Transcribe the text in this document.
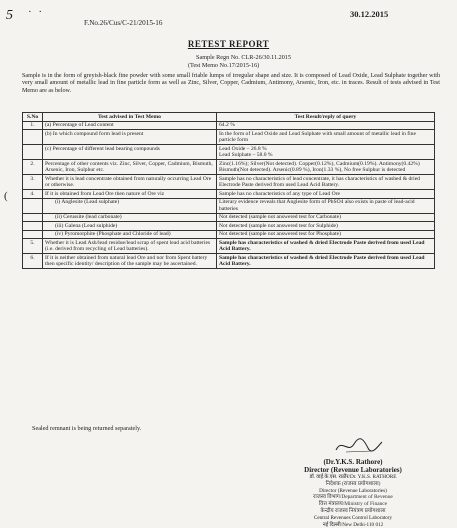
5 · ·
(
30.12.2015
F.No.26/Cus/C-21/2015-16
RETEST REPORT
Sample Regn No. CLR-26/30.11.2015
(Test Memo No.17/2015-16)
Sample is in the form of greyish-black fine powder with some small friable lumps of irregular shape and size. It is composed of Lead Oxide, Lead Sulphate together with very small amount of metallic lead in fine particle form as well as Zinc, Silver, Copper, Cadmium, Antimony, Arsenic, Iron, etc. in traces. Result of tests advised in Test Memo are as below.
S.No	Test advised in Test Memo	Test Result/reply of query
1.	(a) Percentage of Lead content	64.2 %
	(b) In which compound form lead is present	In the form of Lead Oxide and Lead Sulphate with small amount of metallic lead in fine particle form
	(c) Percentage of different lead bearing compounds	Lead Oxide – 26.8 %
Lead Sulphate – 58.0 %
2.	Percentage of other contents viz. Zinc, Silver, Copper, Cadmium, Bismuth, Arsenic, Iron, Sulphur etc.	Zinc(1.16%); Silver(Not detected). Copper(0.12%), Cadmium(0.19%). Antimony(0.42%) Bismuth(Not detected). Arsenic(0.89 %), Iron(1.33 %), No free Sulphur is detected
3.	Whether it is lead concentrate obtained from naturally occurring Lead Ore or otherwise.	Sample has no characteristics of lead concentrate, it has characteristics of washed & dried Electrode Paste derived from used Lead Acid Battery.
4.	If it is obtained from Lead Ore then nature of Ore viz	Sample has no characteristics of any type of Lead Ore
	(i) Anglesite (Lead sulphate)	Literary evidence reveals that Anglesite form of PbSO4 also exists in paste of lead-acid batteries
	(ii) Cerussite (lead carbonate)	Not detected (sample not answered test for Carbonate)
	(iii) Galena (Lead sulphide)	Not detected (sample not answered test for Sulphide)
	(iv) Pyromorphite (Phosphate and Chloride of lead)	Not detected (sample not answered test for Phosphate)
5.	Whether it is Lead Ash/lead residue/lead scrap of spent lead acid batteries (i.e. derived from recycling of Lead batteries).	Sample has characteristics of washed & dried Electrode Paste derived from used Lead Acid Battery.
6.	If it is neither obtained from natural lead Ore and nor from Spent battery then specific identity/ description of the sample may be ascertained.	Sample has characteristics of washed & dried Electrode Paste derived from used Lead Acid Battery.
Sealed remnant is being returned separately.
(Dr.Y.K.S. Rathore)
Director (Revenue Laboratories)
डॉ. वाई.के.एस. राठौर/Dr. Y.K.S. RATHORE
निदेशक (राजस्व प्रयोगशाला)
Director (Revenue Laboratories)
राजस्व विभाग/Department of Revenue
वित्त मंत्रालय/Ministry of Finance
केन्द्रीय राजस्व नियंत्रण प्रयोगशाला
Central Revenues Control Laboratory
नई दिल्ली/New Delhi-110 012
